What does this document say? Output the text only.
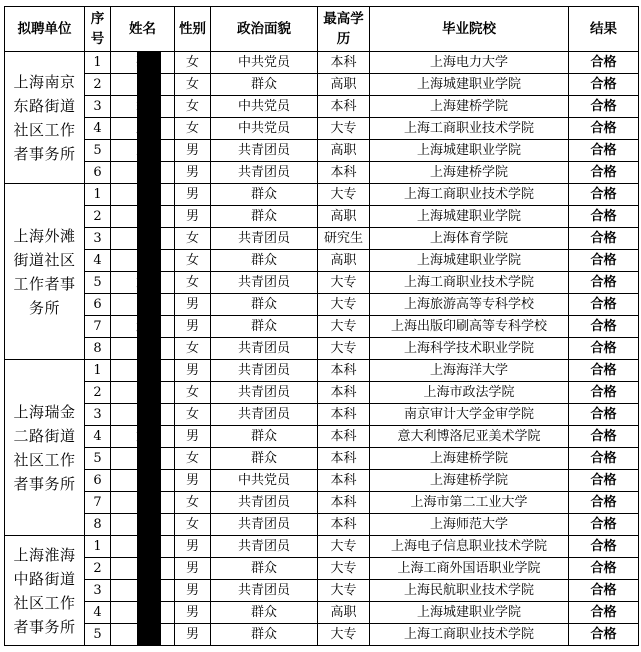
拟聘单位	序号	姓名	性别	政治面貌	最高学历	毕业院校	结果
上海南京东路街道社区工作者事务所	1		女	中共党员	本科	上海电力大学	合格
	2		女	群众	高职	上海城建职业学院	合格
	3		女	中共党员	本科	上海建桥学院	合格
	4		女	中共党员	大专	上海工商职业技术学院	合格
	5		男	共青团员	高职	上海城建职业学院	合格
	6		男	共青团员	本科	上海建桥学院	合格
上海外滩街道社区工作者事务所	1		男	群众	大专	上海工商职业技术学院	合格
	2		男	群众	高职	上海城建职业学院	合格
	3		女	共青团员	研究生	上海体育学院	合格
	4		女	群众	高职	上海城建职业学院	合格
	5		女	共青团员	大专	上海工商职业技术学院	合格
	6		男	群众	大专	上海旅游高等专科学校	合格
	7		男	群众	大专	上海出版印刷高等专科学校	合格
	8		女	共青团员	大专	上海科学技术职业学院	合格
上海瑞金二路街道社区工作者事务所	1		男	共青团员	本科	上海海洋大学	合格
	2		女	共青团员	本科	上海市政法学院	合格
	3		女	共青团员	本科	南京审计大学金审学院	合格
	4		男	群众	本科	意大利博洛尼亚美术学院	合格
	5		女	群众	本科	上海建桥学院	合格
	6		男	中共党员	本科	上海建桥学院	合格
	7		女	共青团员	本科	上海市第二工业大学	合格
	8		女	共青团员	本科	上海师范大学	合格
上海淮海中路街道社区工作者事务所	1		男	共青团员	大专	上海电子信息职业技术学院	合格
	2		男	群众	大专	上海工商外国语职业学院	合格
	3		男	共青团员	大专	上海民航职业技术学院	合格
	4		男	群众	高职	上海城建职业学院	合格
	5		男	群众	大专	上海工商职业技术学院	合格
